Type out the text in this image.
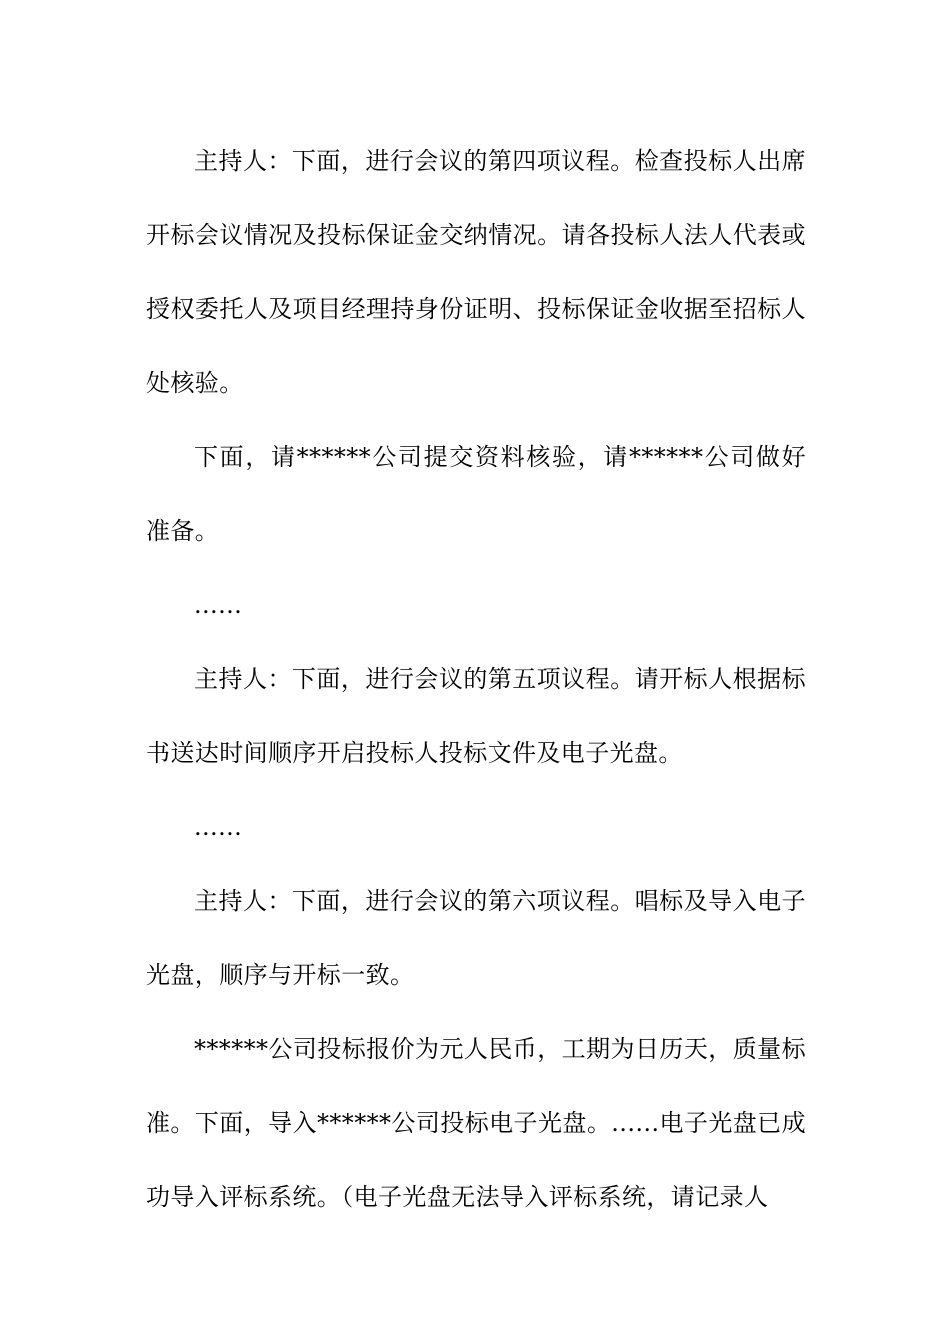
主持人：下面，进行会议的第四项议程。检查投标人出席开标会议情况及投标保证金交纳情况。请各投标人法人代表或授权委托人及项目经理持身份证明、投标保证金收据至招标人处核验。

下面，请******公司提交资料核验，请******公司做好准备。

......

主持人：下面，进行会议的第五项议程。请开标人根据标书送达时间顺序开启投标人投标文件及电子光盘。

......

主持人：下面，进行会议的第六项议程。唱标及导入电子光盘，顺序与开标一致。

******公司投标报价为元人民币，工期为日历天，质量标准。下面，导入******公司投标电子光盘。......电子光盘已成功导入评标系统。（电子光盘无法导入评标系统，请记录人
